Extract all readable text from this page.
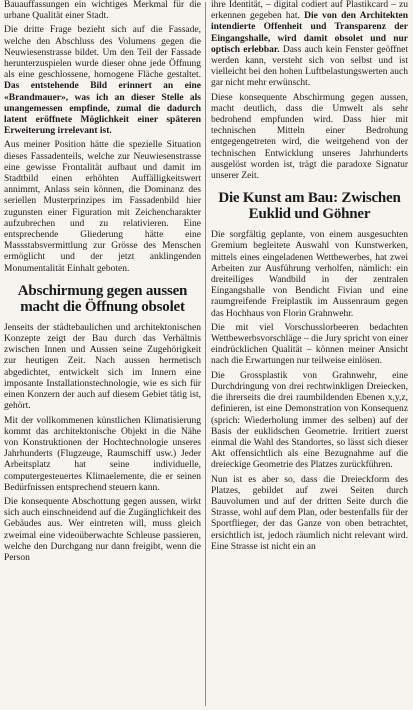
Bauauffassungen ein wichtiges Merkmal für die urbane Qualität einer Stadt.

Die dritte Frage bezieht sich auf die Fassade, welche den Abschluss des Volumens gegen die Neuwiesenstrasse bildet. Um den Teil der Fassade herunterzuspielen wurde dieser ohne jede Öffnung als eine geschlossene, homogene Fläche gestaltet. Das entstehende Bild erinnert an eine «Brandmauer», was ich an dieser Stelle als unangemessen empfinde, zumal die dadurch latent eröffnete Möglichkeit einer späteren Erweiterung irrelevant ist.

Aus meiner Position hätte die spezielle Situation dieses Fassadenteils, welche zur Neuwiesenstrasse eine gewisse Frontalität aufbaut und damit im Stadtbild einen erhöhten Auffälligkeitswert annimmt, Anlass sein können, die Dominanz des seriellen Musterprinzipes im Fassadenbild hier zugunsten einer Figuration mit Zeichencharakter aufzubrechen und zu relativieren. Eine entsprechende Gliederung hätte eine Massstabsvermittlung zur Grösse des Menschen ermöglicht und der jetzt anklingenden Monumentalität Einhalt geboten.

Abschirmung gegen aussen macht die Öffnung obsolet

Jenseits der städtebaulichen und architektonischen Konzepte zeigt der Bau durch das Verhältnis zwischen Innen und Aussen seine Zugehörigkeit zur heutigen Zeit. Nach aussen hermetisch abgedichtet, entwickelt sich im Innern eine imposante Installationstechnologie, wie es sich für einen Konzern der auch auf diesem Gebiet tätig ist, gehört.

Mit der vollkommenen künstlichen Klimatisierung kommt das architektonische Objekt in die Nähe von Konstruktionen der Hochtechnologie unseres Jahrhunderts (Flugzeuge, Raumschiff usw.) Jeder Arbeitsplatz hat seine individuelle, computergesteuertes Klimaelemente, die er seinen Bedürfnissen entsprechend steuern kann.

Die konsequente Abschottung gegen aussen, wirkt sich auch einschneidend auf die Zugänglichkeit des Gebäudes aus. Wer eintreten will, muss gleich zweimal eine videoüberwachte Schleuse passieren, welche den Durchgang nur dann freigibt, wenn die Person

ihre Identität, – digital codiert auf Plastikcard – zu erkennen gegeben hat. Die von den Architekten intendierte Offenheit und Transparenz der Eingangshalle, wird damit obsolet und nur optisch erlebbar. Dass auch kein Fenster geöffnet werden kann, versteht sich von selbst und ist vielleicht bei den hohen Luftbelastungswerten auch gar nicht mehr erwünscht.

Diese konsequente Abschirmung gegen aussen, macht deutlich, dass die Umwelt als sehr bedrohend empfunden wird. Dass hier mit technischen Mitteln einer Bedrohung entgegengetreten wird, die weitgehend von der technischen Entwicklung unseres Jahrhunderts ausgelöst worden ist, trägt die paradoxe Signatur unserer Zeit.

Die Kunst am Bau: Zwischen Euklid und Göhner

Die sorgfältig geplante, von einem ausgesuchten Gremium begleitete Auswahl von Kunstwerken, mittels eines eingeladenen Wettbewerbes, hat zwei Arbeiten zur Ausführung verholfen, nämlich: ein dreiteiliges Wandbild in der zentralen Eingangshalle von Bendicht Fivian und eine raumgreifende Freiplastik im Aussenraum gegen das Hochhaus von Florin Grahnwehr.

Die mit viel Vorschusslorbeeren bedachten Wettbewerbsvorschläge – die Jury spricht von einer eindrücklichen Qualität – können meiner Ansicht nach die Erwartungen nur teilweise einlösen.

Die Grossplastik von Grahnwehr, eine Durchdringung von drei rechtwinkligen Dreiecken, die ihrerseits die drei raumbildenden Ebenen x,y,z, definieren, ist eine Demonstration von Konsequenz (sprich: Wiederholung immer des selben) auf der Basis der euklidschen Geometrie. Irritiert zuerst einmal die Wahl des Standortes, so lässt sich dieser Akt offensichtlich als eine Bezugnahme auf die dreieckige Geometrie des Platzes zurückführen.

Nun ist es aber so, dass die Dreieckform des Platzes, gebildet auf zwei Seiten durch Bauvolumen und auf der dritten Seite durch die Strasse, wohl auf dem Plan, oder bestenfalls für der Sportflieger, der das Ganze von oben betrachtet, ersichtlich ist, jedoch räumlich nicht relevant wird. Eine Strasse ist nicht ein an
